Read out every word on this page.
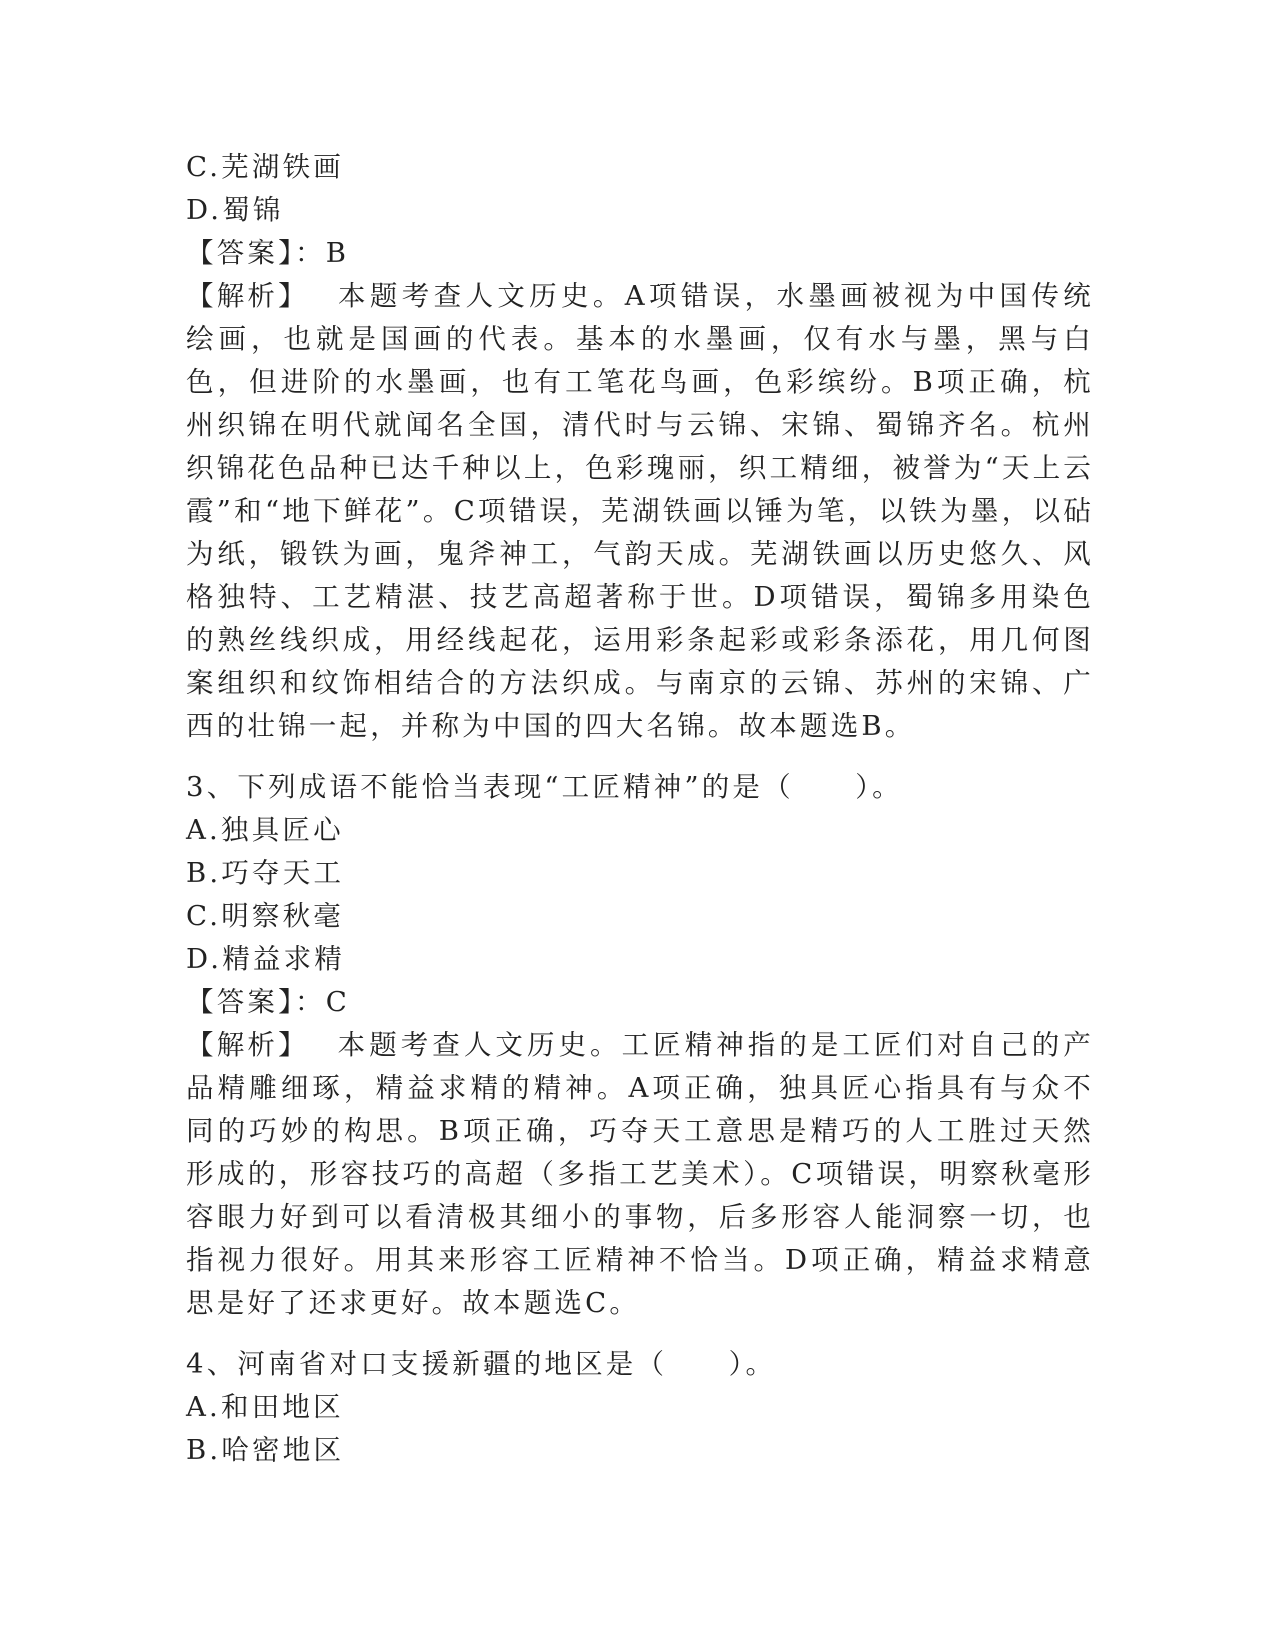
C.芜湖铁画
D.蜀锦
【答案】：B
【解析】 本题考查人文历史。A项错误，水墨画被视为中国传统绘画，也就是国画的代表。基本的水墨画，仅有水与墨，黑与白色，但进阶的水墨画，也有工笔花鸟画，色彩缤纷。B项正确，杭州织锦在明代就闻名全国，清代时与云锦、宋锦、蜀锦齐名。杭州织锦花色品种已达千种以上，色彩瑰丽，织工精细，被誉为“天上云霞”和“地下鲜花”。C项错误，芜湖铁画以锤为笔，以铁为墨，以砧为纸，锻铁为画，鬼斧神工，气韵天成。芜湖铁画以历史悠久、风格独特、工艺精湛、技艺高超著称于世。D项错误，蜀锦多用染色的熟丝线织成，用经线起花，运用彩条起彩或彩条添花，用几何图案组织和纹饰相结合的方法织成。与南京的云锦、苏州的宋锦、广西的壮锦一起，并称为中国的四大名锦。故本题选B。
3、下列成语不能恰当表现“工匠精神”的是（　　）。
A.独具匠心
B.巧夺天工
C.明察秋毫
D.精益求精
【答案】：C
【解析】 本题考查人文历史。工匠精神指的是工匠们对自己的产品精雕细琢，精益求精的精神。A项正确，独具匠心指具有与众不同的巧妙的构思。B项正确，巧夺天工意思是精巧的人工胜过天然形成的，形容技巧的高超（多指工艺美术）。C项错误，明察秋毫形容眼力好到可以看清极其细小的事物，后多形容人能洞察一切，也指视力很好。用其来形容工匠精神不恰当。D项正确，精益求精意思是好了还求更好。故本题选C。
4、河南省对口支援新疆的地区是（　　）。
A.和田地区
B.哈密地区
